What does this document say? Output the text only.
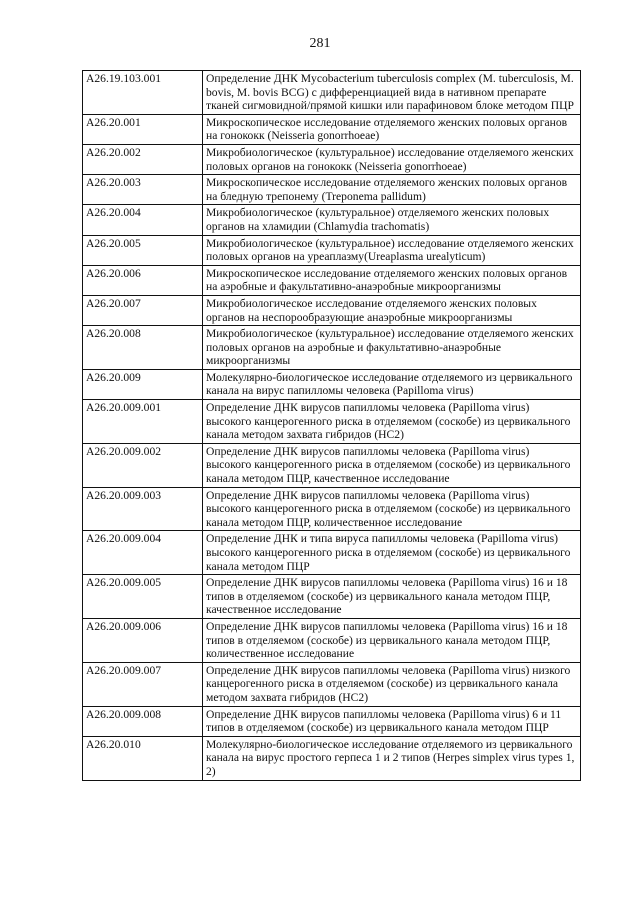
281
A26.19.103.001	Определение ДНК Mycobacterium tuberculosis complex (M. tuberculosis, M. bovis, M. bovis BCG) с дифференциацией вида в нативном препарате тканей сигмовидной/прямой кишки или парафиновом блоке методом ПЦР
A26.20.001	Микроскопическое исследование отделяемого женских половых органов на гонококк (Neisseria gonorrhoeae)
A26.20.002	Микробиологическое (культуральное) исследование отделяемого женских половых органов на гонококк (Neisseria gonorrhoeae)
A26.20.003	Микроскопическое исследование отделяемого женских половых органов на бледную трепонему (Treponema pallidum)
A26.20.004	Микробиологическое (культуральное) отделяемого женских половых органов на хламидии (Chlamydia trachomatis)
A26.20.005	Микробиологическое (культуральное) исследование отделяемого женских половых органов на уреаплазму(Ureaplasma urealyticum)
A26.20.006	Микроскопическое исследование отделяемого женских половых органов на аэробные и факультативно-анаэробные микроорганизмы
A26.20.007	Микробиологическое исследование отделяемого женских половых органов на неспорообразующие анаэробные микроорганизмы
A26.20.008	Микробиологическое (культуральное) исследование отделяемого женских половых органов на аэробные и факультативно-анаэробные микроорганизмы
A26.20.009	Молекулярно-биологическое исследование отделяемого из цервикального канала на вирус папилломы человека (Papilloma virus)
A26.20.009.001	Определение ДНК вирусов папилломы человека (Papilloma virus) высокого канцерогенного риска в отделяемом (соскобе) из цервикального канала методом захвата гибридов (HC2)
A26.20.009.002	Определение ДНК вирусов папилломы человека (Papilloma virus) высокого канцерогенного риска в отделяемом (соскобе) из цервикального канала методом ПЦР, качественное исследование
A26.20.009.003	Определение ДНК вирусов папилломы человека (Papilloma virus) высокого канцерогенного риска в отделяемом (соскобе) из цервикального канала методом ПЦР, количественное исследование
A26.20.009.004	Определение ДНК и типа вируса папилломы человека (Papilloma virus) высокого канцерогенного риска в отделяемом (соскобе) из цервикального канала методом ПЦР
A26.20.009.005	Определение ДНК вирусов папилломы человека (Papilloma virus) 16 и 18 типов в отделяемом (соскобе) из цервикального канала методом ПЦР, качественное исследование
A26.20.009.006	Определение ДНК вирусов папилломы человека (Papilloma virus) 16 и 18 типов в отделяемом (соскобе) из цервикального канала методом ПЦР, количественное исследование
A26.20.009.007	Определение ДНК вирусов папилломы человека (Papilloma virus) низкого канцерогенного риска в отделяемом (соскобе) из цервикального канала методом захвата гибридов (HC2)
A26.20.009.008	Определение ДНК вирусов папилломы человека (Papilloma virus) 6 и 11 типов в отделяемом (соскобе) из цервикального канала методом ПЦР
A26.20.010	Молекулярно-биологическое исследование отделяемого из цервикального канала на вирус простого герпеса 1 и 2 типов (Herpes simplex virus types 1, 2)
